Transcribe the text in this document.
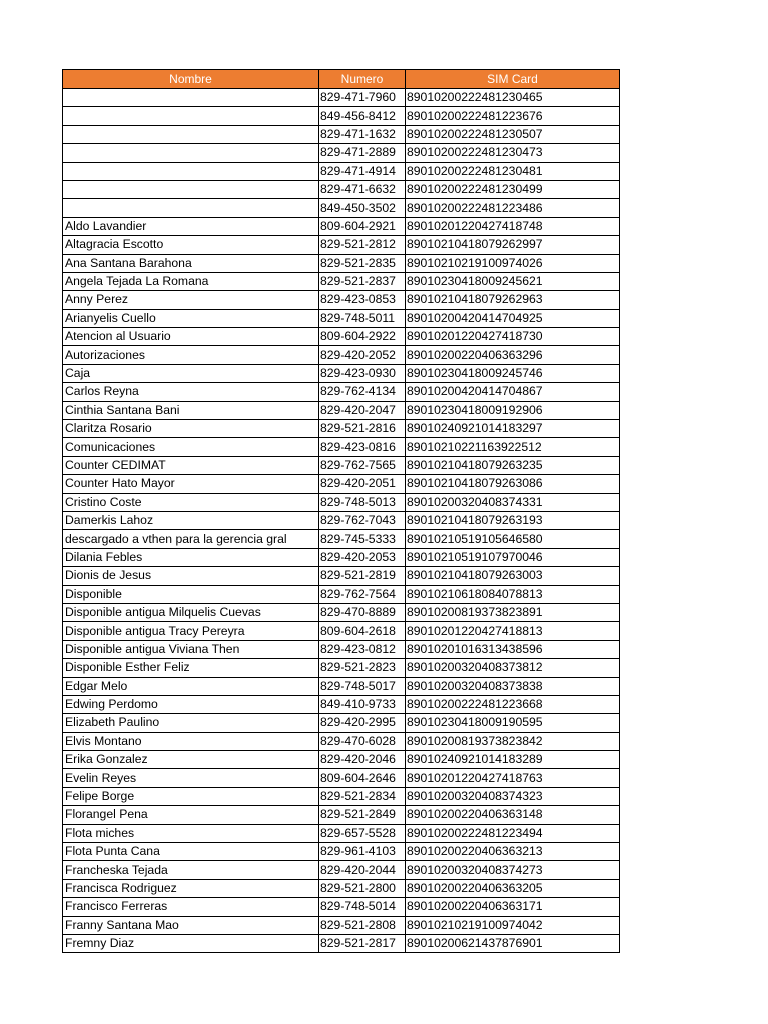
Nombre	Numero	SIM Card
	829-471-7960	89010200222481230465
	849-456-8412	89010200222481223676
	829-471-1632	89010200222481230507
	829-471-2889	89010200222481230473
	829-471-4914	89010200222481230481
	829-471-6632	89010200222481230499
	849-450-3502	89010200222481223486
Aldo Lavandier	809-604-2921	89010201220427418748
Altagracia Escotto	829-521-2812	89010210418079262997
Ana Santana Barahona	829-521-2835	89010210219100974026
Angela Tejada La Romana	829-521-2837	89010230418009245621
Anny Perez	829-423-0853	89010210418079262963
Arianyelis Cuello	829-748-5011	89010200420414704925
Atencion al Usuario	809-604-2922	89010201220427418730
Autorizaciones	829-420-2052	89010200220406363296
Caja	829-423-0930	89010230418009245746
Carlos Reyna	829-762-4134	89010200420414704867
Cinthia Santana Bani	829-420-2047	89010230418009192906
Claritza Rosario	829-521-2816	89010240921014183297
Comunicaciones	829-423-0816	89010210221163922512
Counter CEDIMAT	829-762-7565	89010210418079263235
Counter Hato Mayor	829-420-2051	89010210418079263086
Cristino Coste	829-748-5013	89010200320408374331
Damerkis Lahoz	829-762-7043	89010210418079263193
descargado a vthen para la gerencia gral	829-745-5333	89010210519105646580
Dilania Febles	829-420-2053	89010210519107970046
Dionis de Jesus	829-521-2819	89010210418079263003
Disponible	829-762-7564	89010210618084078813
Disponible antigua Milquelis Cuevas	829-470-8889	89010200819373823891
Disponible antigua Tracy Pereyra	809-604-2618	89010201220427418813
Disponible antigua Viviana Then	829-423-0812	89010201016313438596
Disponible Esther Feliz	829-521-2823	89010200320408373812
Edgar Melo	829-748-5017	89010200320408373838
Edwing Perdomo	849-410-9733	89010200222481223668
Elizabeth Paulino	829-420-2995	89010230418009190595
Elvis Montano	829-470-6028	89010200819373823842
Erika Gonzalez	829-420-2046	89010240921014183289
Evelin Reyes	809-604-2646	89010201220427418763
Felipe Borge	829-521-2834	89010200320408374323
Florangel Pena	829-521-2849	89010200220406363148
Flota miches	829-657-5528	89010200222481223494
Flota Punta Cana	829-961-4103	89010200220406363213
Francheska Tejada	829-420-2044	89010200320408374273
Francisca Rodriguez	829-521-2800	89010200220406363205
Francisco Ferreras	829-748-5014	89010200220406363171
Franny Santana Mao	829-521-2808	89010210219100974042
Fremny Diaz	829-521-2817	89010200621437876901
